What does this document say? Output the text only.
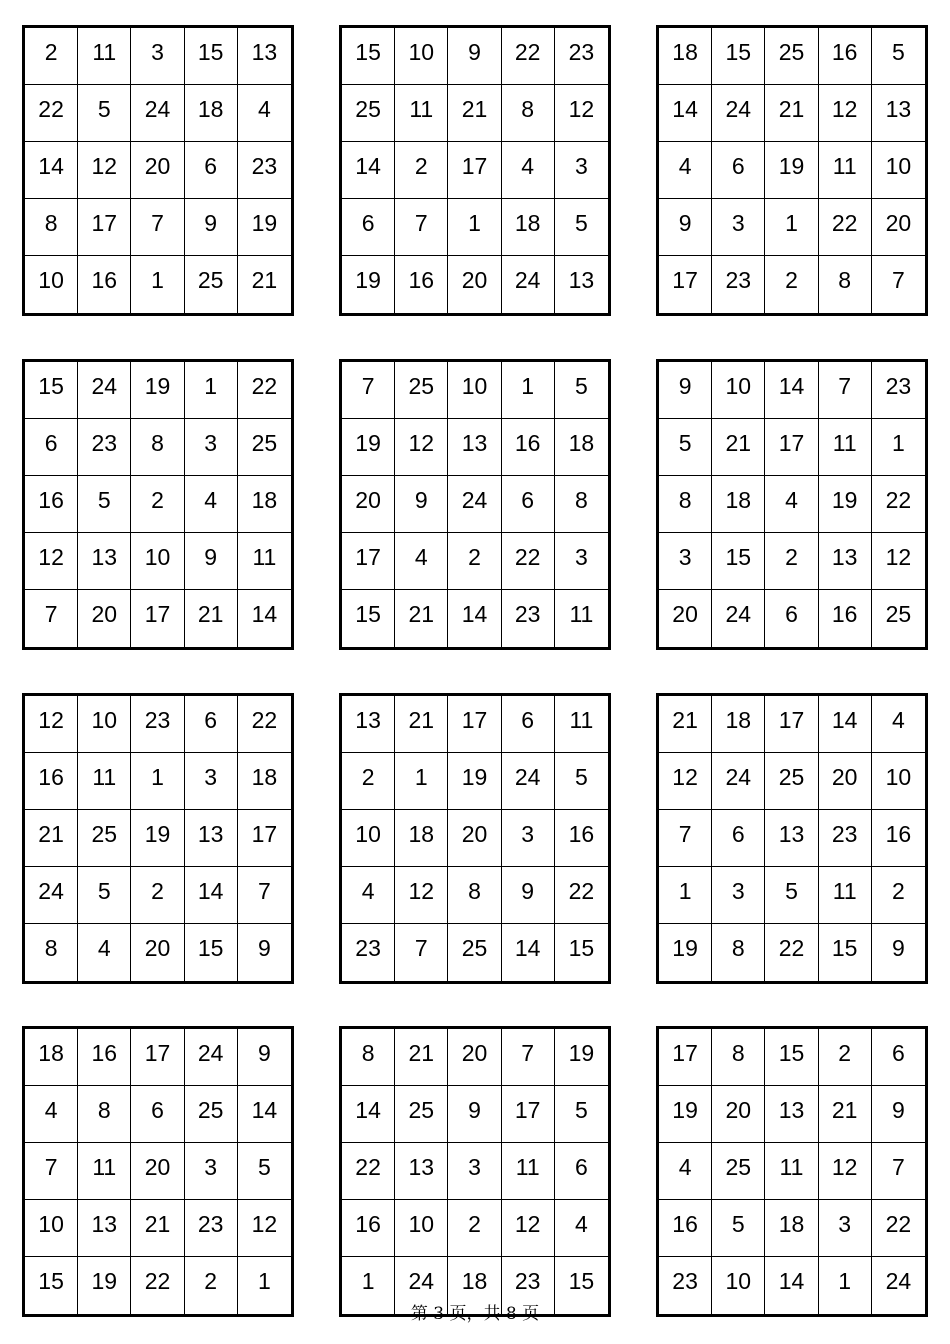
2	11	3	15	13
22	5	24	18	4
14	12	20	6	23
8	17	7	9	19
10	16	1	25	21
15	10	9	22	23
25	11	21	8	12
14	2	17	4	3
6	7	1	18	5
19	16	20	24	13
18	15	25	16	5
14	24	21	12	13
4	6	19	11	10
9	3	1	22	20
17	23	2	8	7
15	24	19	1	22
6	23	8	3	25
16	5	2	4	18
12	13	10	9	11
7	20	17	21	14
7	25	10	1	5
19	12	13	16	18
20	9	24	6	8
17	4	2	22	3
15	21	14	23	11
9	10	14	7	23
5	21	17	11	1
8	18	4	19	22
3	15	2	13	12
20	24	6	16	25
12	10	23	6	22
16	11	1	3	18
21	25	19	13	17
24	5	2	14	7
8	4	20	15	9
13	21	17	6	11
2	1	19	24	5
10	18	20	3	16
4	12	8	9	22
23	7	25	14	15
21	18	17	14	4
12	24	25	20	10
7	6	13	23	16
1	3	5	11	2
19	8	22	15	9
18	16	17	24	9
4	8	6	25	14
7	11	20	3	5
10	13	21	23	12
15	19	22	2	1
8	21	20	7	19
14	25	9	17	5
22	13	3	11	6
16	10	2	12	4
1	24	18	23	15
17	8	15	2	6
19	20	13	21	9
4	25	11	12	7
16	5	18	3	22
23	10	14	1	24
第 3 页，共 8 页
